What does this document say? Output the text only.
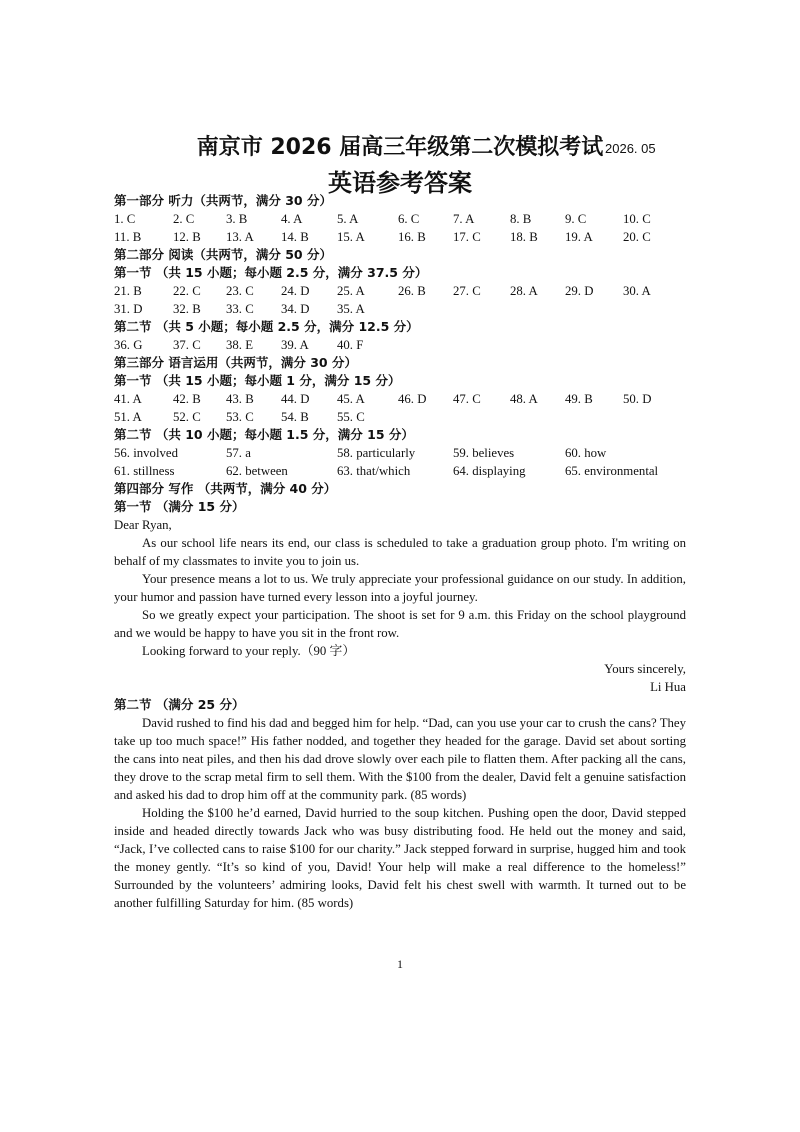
南京市 2026 届高三年级第二次模拟考试 2026. 05
英语参考答案
第一部分 听力（共两节，满分 30 分）
1. C	2. C 3. B	4. A	5. A	6. C	7. A	8. B	9. C	10. C
11. B 12. B 13. A 14. B 15. A	16. B 17. C 18. B 19. A 20. C
第二部分 阅读（共两节，满分 50 分）
第一节 （共 15 小题；每小题 2.5 分，满分 37.5 分）
21. B 22. C 23. C 24. D 25. A	26. B 27. C 28. A 29. D 30. A
31. D 32. B 33. C 34. D 35. A
第二节 （共 5 小题；每小题 2.5 分，满分 12.5 分）
36. G 37. C 38. E 39. A 40. F
第三部分 语言运用（共两节，满分 30 分）
第一节 （共 15 小题；每小题 1 分，满分 15 分）
41. A 42. B 43. B 44. D 45. A	46. D 47. C 48. A 49. B 50. D
51. A 52. C 53. C 54. B 55. C
第二节 （共 10 小题；每小题 1.5 分，满分 15 分）
56. involved	57. a	58. particularly	59. believes	60. how
61. stillness	62. between	63. that/which	64. displaying	65. environmental
第四部分 写作 （共两节，满分 40 分）
第一节 （满分 15 分）

Dear Ryan,

As our school life nears its end, our class is scheduled to take a graduation group photo. I'm writing on behalf of my classmates to invite you to join us.

Your presence means a lot to us. We truly appreciate your professional guidance on our study. In addition, your humor and passion have turned every lesson into a joyful journey.

So we greatly expect your participation. The shoot is set for 9 a.m. this Friday on the school playground and we would be happy to have you sit in the front row.

Looking forward to your reply.（90 字）

Yours sincerely,

Li Hua

第二节 （满分 25 分）

David rushed to find his dad and begged him for help. “Dad, can you use your car to crush the cans? They take up too much space!” His father nodded, and together they headed for the garage. David set about sorting the cans into neat piles, and then his dad drove slowly over each pile to flatten them. After packing all the cans, they drove to the scrap metal firm to sell them. With the $100 from the dealer, David felt a genuine satisfaction and asked his dad to drop him off at the community park. (85 words)

Holding the $100 he’d earned, David hurried to the soup kitchen. Pushing open the door, David stepped inside and headed directly towards Jack who was busy distributing food. He held out the money and said, “Jack, I’ve collected cans to raise $100 for our charity.” Jack stepped forward in surprise, hugged him and took the money gently. “It’s so kind of you, David! Your help will make a real difference to the homeless!” Surrounded by the volunteers’ admiring looks, David felt his chest swell with warmth. It turned out to be another fulfilling Saturday for him. (85 words)

1
